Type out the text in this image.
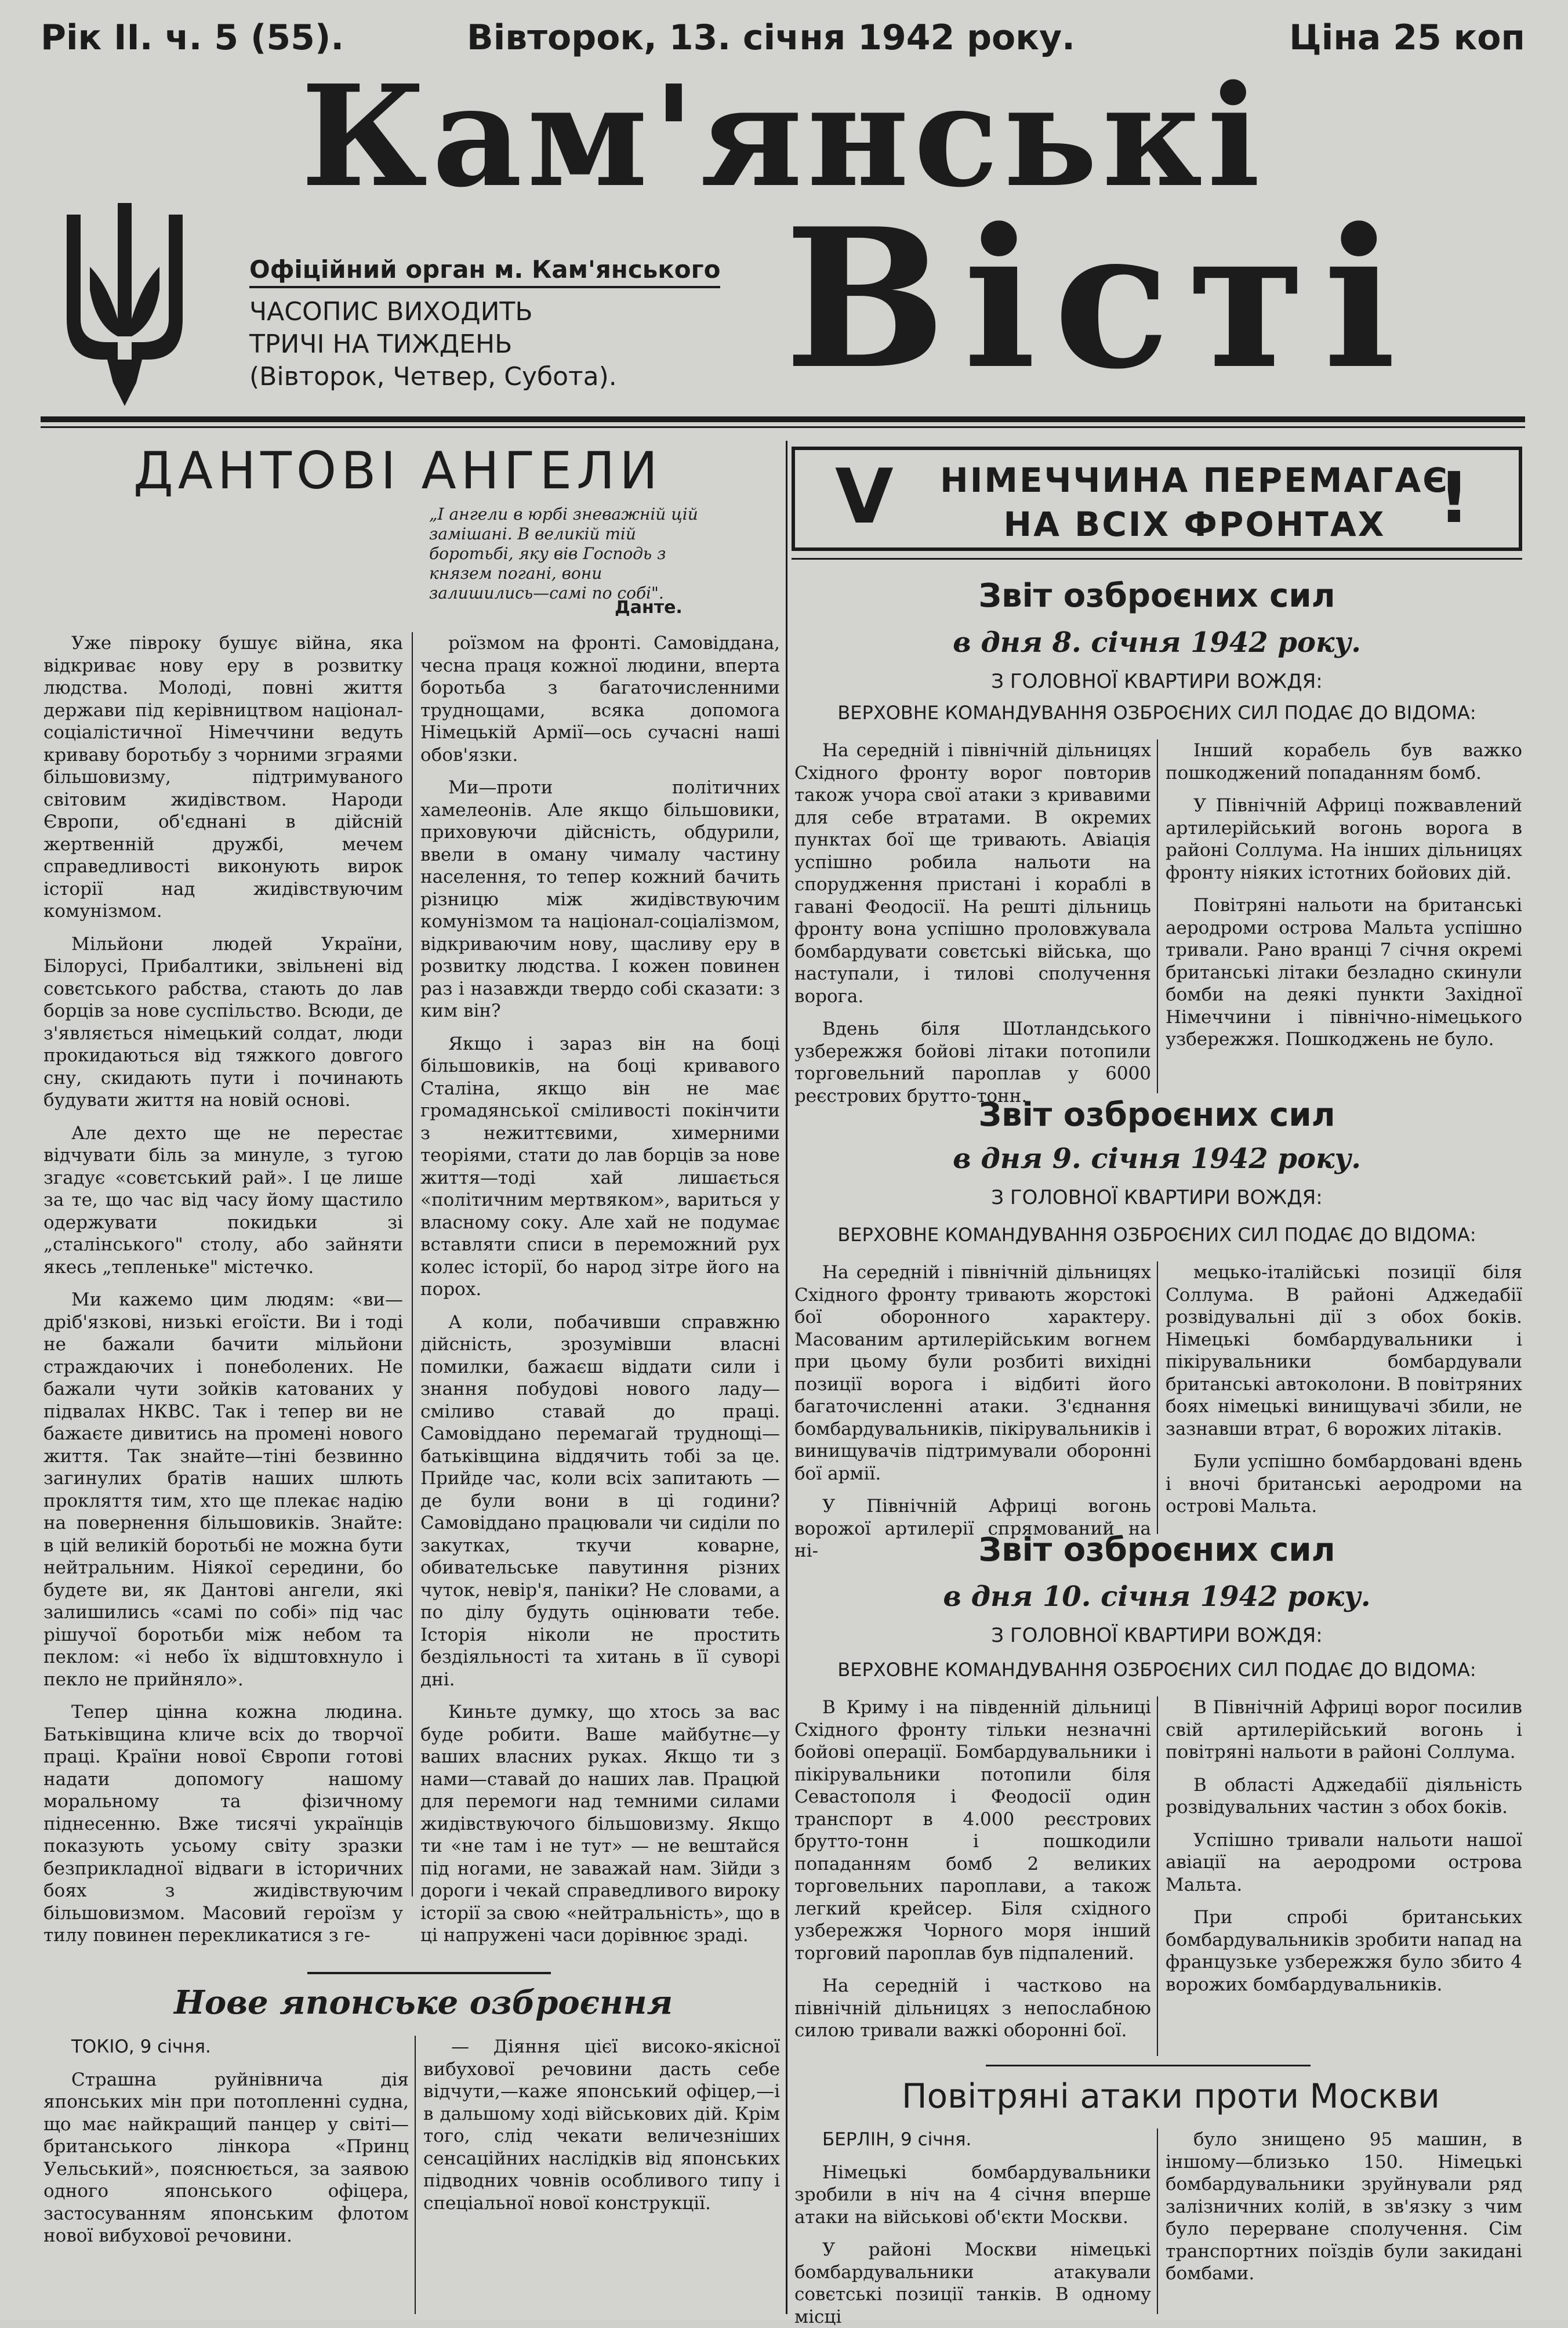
Рік II. ч. 5 (55).	Вівторок, 13. січня 1942 року.	Ціна 25 коп
Кам'янські
Вісті
Офіційний орган м. Кам'янського
ЧАСОПИС ВИХОДИТЬ
ТРИЧІ НА ТИЖДЕНЬ
(Вівторок, Четвер, Субота).
ДАНТОВІ АНГЕЛИ
„І ангели в юрбі зневажній цій замішані. В великій тій боротьбі, яку вів Господь з князем погані, вони залишились—самі по собі".
Данте.

Уже півроку бушує війна, яка відкриває нову еру в розвитку людства. Молоді, повні життя держави під керівництвом націонал-соціалістичної Німеччини ведуть криваву боротьбу з чорними зграями більшовизму, підтримуваного світовим жидівством. Народи Європи, об'єднані в дійсній жертвенній дружбі, мечем справедливості виконують вирок історії над жидівствуючим комунізмом.

Мільйони людей України, Білорусі, Прибалтики, звільнені від совєтського рабства, стають до лав борців за нове суспільство. Всюди, де з'являється німецький солдат, люди прокидаються від тяжкого довгого сну, скидають пути і починають будувати життя на новій основі.

Але дехто ще не перестає відчувати біль за минуле, з тугою згадує «совєтський рай». І це лише за те, що час від часу йому щастило одержувати покидьки зі „сталінського" столу, або зайняти якесь „тепленьке" містечко.

Ми кажемо цим людям: «ви—дріб'язкові, низькі егоїсти. Ви і тоді не бажали бачити мільйони страждаючих і понеболених. Не бажали чути зойків катованих у підвалах НКВС. Так і тепер ви не бажаєте дивитись на промені нового життя. Так знайте—тіні безвинно загинулих братів наших шлють прокляття тим, хто ще плекає надію на повернення більшовиків. Знайте: в цій великій боротьбі не можна бути нейтральним. Ніякої середини, бо будете ви, як Дантові ангели, які залишились «самі по собі» під час рішучої боротьби між небом та пеклом: «і небо їх відштовхнуло і пекло не прийняло».

Тепер цінна кожна людина. Батьківщина кличе всіх до творчої праці. Країни нової Європи готові надати допомогу нашому моральному та фізичному піднесенню. Вже тисячі українців показують усьому світу зразки безприкладної відваги в історичних боях з жидівствуючим більшовизмом. Масовий героїзм у тилу повинен перекликатися з ге-

роїзмом на фронті. Самовіддана, чесна праця кожної людини, вперта боротьба з багаточисленними труднощами, всяка допомога Німецькій Армії—ось сучасні наші обов'язки.

Ми—проти політичних хамелеонів. Але якщо більшовики, приховуючи дійсність, обдурили, ввели в оману чималу частину населення, то тепер кожний бачить різницю між жидівствуючим комунізмом та націонал-соціалізмом, відкриваючим нову, щасливу еру в розвитку людства. І кожен повинен раз і назавжди твердо собі сказати: з ким він?

Якщо і зараз він на боці більшовиків, на боці кривавого Сталіна, якщо він не має громадянської сміливості покінчити з нежиттєвими, химерними теоріями, стати до лав борців за нове життя—тоді хай лишається «політичним мертвяком», вариться у власному соку. Але хай не подумає вставляти списи в переможний рух колес історії, бо народ зітре його на порох.

А коли, побачивши справжню дійсність, зрозумівши власні помилки, бажаєш віддати сили і знання побудові нового ладу—сміливо ставай до праці. Самовіддано перемагай труднощі—батьківщина віддячить тобі за це. Прийде час, коли всіх запитають — де були вони в ці години? Самовіддано працювали чи сиділи по закутках, ткучи коварне, обивательське павутиння різних чуток, невір'я, паніки? Не словами, а по ділу будуть оцінювати тебе. Історія ніколи не простить бездіяльності та хитань в її суворі дні.

Киньте думку, що хтось за вас буде робити. Ваше майбутнє—у ваших власних руках. Якщо ти з нами—ставай до наших лав. Працюй для перемоги над темними силами жидівствуючого більшовизму. Якщо ти «не там і не тут» — не вештайся під ногами, не заважай нам. Зійди з дороги і чекай справедливого вироку історії за свою «нейтральність», що в ці напружені часи дорівнює зраді.

Нове японське озброєння

ТОКІО, 9 січня.

Страшна руйнівнича дія японських мін при потопленні судна, що має найкращий панцер у світі—британського лінкора «Принц Уельський», пояснюється, за заявою одного японського офіцера, застосуванням японським флотом нової вибухової речовини.

— Діяння цієї високо-якісної вибухової речовини дасть себе відчути,—каже японський офіцер,—і в дальшому ході військових дій. Крім того, слід чекати величезніших сенсаційних наслідків від японських підводних човнів особливого типу і спеціальної нової конструкції.

V	НІМЕЧЧИНА ПЕРЕМАГАЄ НА ВСІХ ФРОНТАХ !
Звіт озброєних сил
в дня 8. січня 1942 року.
З ГОЛОВНОЇ КВАРТИРИ ВОЖДЯ:
ВЕРХОВНЕ КОМАНДУВАННЯ ОЗБРОЄНИХ СИЛ ПОДАЄ ДО ВІДОМА:

На середній і північній дільницях Східного фронту ворог повторив також учора свої атаки з кривавими для себе втратами. В окремих пунктах бої ще тривають. Авіація успішно робила нальоти на спорудження пристані і кораблі в гавані Феодосії. На решті дільниць фронту вона успішно проловжувала бомбардувати совєтські війська, що наступали, і тилові сполучення ворога.

Вдень біля Шотландського узбережжя бойові літаки потопили торговельний пароплав у 6000 реєстрових брутто-тонн.

Інший корабель був важко пошкоджений попаданням бомб.

У Північній Африці пожвавлений артилерійський вогонь ворога в районі Соллума. На інших дільницях фронту ніяких істотних бойових дій.

Повітряні нальоти на британські аеродроми острова Мальта успішно тривали. Рано вранці 7 січня окремі британські літаки безладно скинули бомби на деякі пункти Західної Німеччини і північно-німецького узбережжя. Пошкоджень не було.

Звіт озброєних сил
в дня 9. січня 1942 року.
З ГОЛОВНОЇ КВАРТИРИ ВОЖДЯ:
ВЕРХОВНЕ КОМАНДУВАННЯ ОЗБРОЄНИХ СИЛ ПОДАЄ ДО ВІДОМА:

На середній і північній дільницях Східного фронту тривають жорстокі бої оборонного характеру. Масованим артилерійським вогнем при цьому були розбиті вихідні позиції ворога і відбиті його багаточисленні атаки. З'єднання бомбардувальників, пікірувальників і винищувачів підтримували оборонні бої армії.

У Північній Африці вогонь ворожої артилерії спрямований на ні-

мецько-італійські позиції біля Соллума. В районі Аджедабії розвідувальні дії з обох боків. Німецькі бомбардувальники і пікірувальники бомбардували британські автоколони. В повітряних боях німецькі винищувачі збили, не зазнавши втрат, 6 ворожих літаків.

Були успішно бомбардовані вдень і вночі британські аеродроми на острові Мальта.

Звіт озброєних сил
в дня 10. січня 1942 року.
З ГОЛОВНОЇ КВАРТИРИ ВОЖДЯ:
ВЕРХОВНЕ КОМАНДУВАННЯ ОЗБРОЄНИХ СИЛ ПОДАЄ ДО ВІДОМА:

В Криму і на південній дільниці Східного фронту тільки незначні бойові операції. Бомбардувальники і пікірувальники потопили біля Севастополя і Феодосії один транспорт в 4.000 реєстрових брутто-тонн і пошкодили попаданням бомб 2 великих торговельних пароплави, а також легкий крейсер. Біля східного узбережжя Чорного моря інший торговий пароплав був підпалений.

На середній і частково на північній дільницях з непослабною силою тривали важкі оборонні бої.

В Північній Африці ворог посилив свій артилерійський вогонь і повітряні нальоти в районі Соллума.

В області Аджедабії діяльність розвідувальних частин з обох боків.

Успішно тривали нальоти нашої авіації на аеродроми острова Мальта.

При спробі британських бомбардувальників зробити напад на французьке узбережжя було збито 4 ворожих бомбардувальників.

Повітряні атаки проти Москви

БЕРЛІН, 9 січня.

Німецькі бомбардувальники зробили в ніч на 4 січня вперше атаки на військові об'єкти Москви.

У районі Москви німецькі бомбардувальники атакували совєтські позиції танків. В одному місці

було знищено 95 машин, в іншому—близько 150. Німецькі бомбардувальники зруйнували ряд залізничних колій, в зв'язку з чим було перерване сполучення. Сім транспортних поїздів були закидані бомбами.
